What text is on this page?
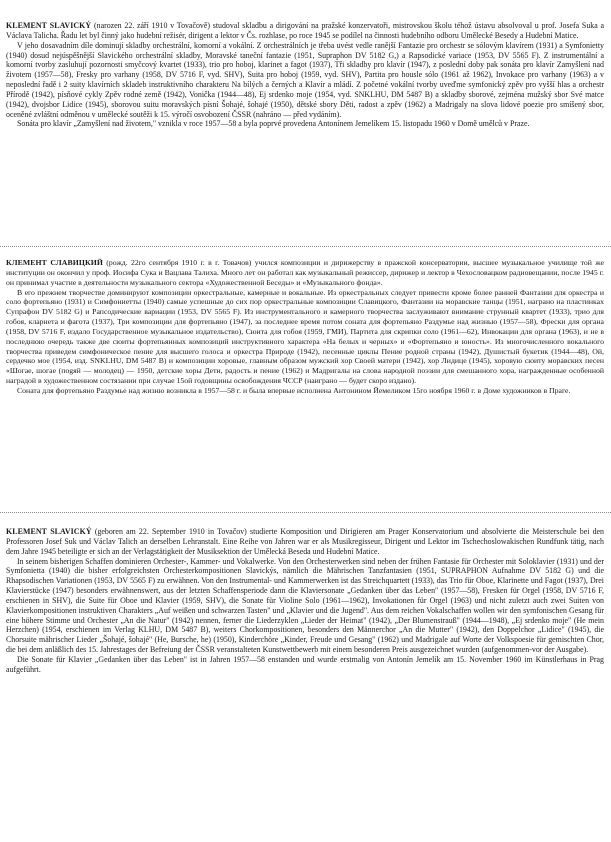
KLEMENT SLAVICKÝ (narozen 22. září 1910 v Tovačově) studoval skladbu a dirigování na pražské konzervatoři, mistrovskou školu téhož ústavu absolvoval u prof. Josefa Suka a Václava Talicha. Řadu let byl činný jako hudební režisér, dirigent a lektor v Čs. rozhlase, po roce 1945 se podílel na činnosti hudebního odboru Umělecké Besedy a Hudební Matice.

V jeho dosavadním díle dominují skladby orchestrální, komorní a vokální. Z orchestrálních je třeba uvést vedle ranější Fantazie pro orchestr se sólovým klavírem (1931) a Symfonietty (1940) dosud nejúspěšnější Slavického orchestrální skladby, Moravské taneční fantazie (1951, Supraphon DV 5182 G,) a Rapsodické variace (1953, DV 5565 F). Z instrumentální a komorní tvorby zasluhují pozornosti smyčcový kvartet (1933), trio pro hoboj, klarinet a fagot (1937), Tři skladby pro klavír (1947), z poslední doby pak sonáta pro klavír Zamyšlení nad životem (1957—58), Fresky pro varhany (1958, DV 5716 F, vyd. SHV), Suita pro hoboj (1959, vyd. SHV), Partita pro housle sólo (1961 až 1962), Invokace pro varhany (1963) a v neposlední řadě i 2 suity klavírních skladeb instruktivního charakteru Na bílých a černých a Klavír a mládí. Z početné vokální tvorby uveďme symfonický zpěv pro vyšší hlas a orchestr Přírodě (1942), písňové cykly Zpěv rodné země (1942), Vonička (1944—48), Ej srdenko moje (1954, vyd. SNKLHU, DM 5487 B) a skladby sborové, zejména mužský sbor Své matce (1942), dvojsbor Lidice (1945), sborovou suitu moravských písní Šohajé, šohajé (1950), dětské sbory Děti, radost a zpěv (1962) a Madrigaly na slova lidové poezie pro smíšený sbor, oceněné zvláštní odměnou v umělecké soutěži k 15. výročí osvobození ČSSR (nahráno — před vydáním).

Sonáta pro klavír „Zamyšlení nad životem," vznikla v roce 1957—58 a byla poprvé provedena Antonínem Jemelíkem 15. listopadu 1960 v Domě umělců v Praze.

КЛЕМЕНТ СЛАВИЦКИЙ (рожд. 22го сентября 1910 г. в г. Товачов) учился композиции и дирижерству в пражской консерватории, высшее музыкальное училище той же институции он окончил у проф. Иосифа Сука и Вацлава Талиха. Много лет он работал как музыкальный режиссер, дирижер и лектор в Чехословацком радиовещании, после 1945 г. он принимал участие в деятельности музыкального сектора «Художественной Беседы» и «Музыкального фонда».

В его прежнем творчестве доминируют композиции оркестральные, камерные и вокальные. Из оркестральных следует привести кроме более ранней Фантазии для оркестра и соло фортепьяно (1931) и Симфониетты (1940) самые успешные до сих пор оркестральные композиции Славицкого, Фантазии на моравские танцы (1951, награно на пластинках Супрафон DV 5182 G) и Рапсодические вариации (1953, DV 5565 F). Из инструментального и камерного творчества заслуживают внимание струнный квартет (1933), трио для гобоя, кларнета и фагота (1937), Три композиции для фортепьяно (1947), за последнее время потом соната для фортепьяно Раздумье над жизнью (1957—58), Фрески для органа (1958, DV 5716 F, издало Государственное музыкальное издательство), Сюита для гобоя (1959, ГМИ), Партита для скрипки соло (1961—62), Инвокации для органа (1963), и не в последнюю очередь также две сюиты фортепьянных композиций инструктивного характера «На белых и черных» и «Фортепьяно и юность». Из многочисленного вокального творчества приведем симфоническое пение для высшего голоса и оркестра Природе (1942), песенные циклы Пение родной страны (1942), Душистый букетик (1944—48), Ой, сердечко мое (1954, изд. SNKLHU, DM 5487 B) и композиции хоровые, главным образом мужский хор Своей матери (1942), хор Лидице (1945), хоровую сюиту моравских песен «Шогае, шогае (пogяй — молодец) — 1950, детские хоры Дети, радость и пение (1962) и Мадригалы на слова народной поэзии для смешанного хора, награжденные особенной наградой в художественном состязании при случае 15ой годовщины освобождения ЧССР (наиграно — будет скоро издано).

Соната для фортепьяно Раздумье над жизню возникла в 1957—58 г. и была впервые исполнена Антонином Йемеликом 15го ноября 1960 г. в Доме художников в Праге.

KLEMENT SLAVICKÝ (geboren am 22. September 1910 in Tovačov) studierte Komposition und Dirigieren am Prager Konservatorium und absolvierte die Meisterschule bei den Professoren Josef Suk und Václav Talich an derselben Lehranstalt. Eine Reihe von Jahren war er als Musikregisseur, Dirigent und Lektor im Tschechoslowakischen Rundfunk tätig, nach dem Jahre 1945 beteiligte er sich an der Verlagstätigkeit der Musiksektion der Umělecká Beseda und Hudební Matice.

In seinem bisherigen Schaffen dominieren Orchester-, Kammer- und Vokalwerke. Von den Orchesterwerken sind neben der frühen Fantasie für Orchester mit Soloklavier (1931) und der Symfonietta (1940) die bisher erfolgreichsten Orchesterkompositionen Slavickýs, nämlich die Mährischen Tanzfantasien (1951, SUPRAPHON Aufnahme DV 5182 G) und die Rhapsodischen Variationen (1953, DV 5565 F) zu erwähnen. Von den Instrumental- und Kammerwerken ist das Streichquartett (1933), das Trio für Oboe, Klarinette und Fagot (1937), Drei Klavierstücke (1947) besonders erwähnenswert, aus der letzten Schaffensperiode dann die Klaviersonate „Gedanken über das Leben" (1957—58), Fresken für Orgel (1958, DV 5716 F, erschienen in SHV), die Suite für Oboe und Klavier (1959, SHV), die Sonate für Violine Solo (1961—1962), Invokationen für Orgel (1963) und nicht zuletzt auch zwei Suiten von Klavierkompositionen instruktiven Charakters „Auf weißen und schwarzen Tasten" und „Klavier und die Jugend". Aus dem reichen Vokalschaffen wollen wir den symfonischen Gesang für eine höhere Stimme und Orchester „An die Natur" (1942) nennen, ferner die Liederzyklen „Lieder der Heimat" (1942), „Der Blumenstrauß" (1944—1948), „Ej srdenko moje" (He mein Herzchen) (1954, erschienen im Verlag KLHU, DM 5487 B), weiters Chorkompositionen, besonders den Männerchor „An die Mutter" (1942), den Doppelchor „Lidice" (1945), die Chorsuite mährischer Lieder „Šohajé, šohajé" (He, Bursche, he) (1950), Kinderchöre „Kinder, Freude und Gesang" (1962) und Madrigale auf Worte der Volkspoesie für gemischten Chor, die bei dem anläßlich des 15. Jahrestages der Befreiung der ČSSR veranstalteten Kunstwettbewerb mit einem besonderen Preis ausgezeichnet wurden (aufgenommen-vor der Ausgabe).

Die Sonate für Klavier „Gedanken über das Leben" ist in Jahren 1957—58 enstanden und wurde erstmalig von Antonín Jemelík am 15. November 1960 im Künstlerhaus in Prag aufgeführt.
